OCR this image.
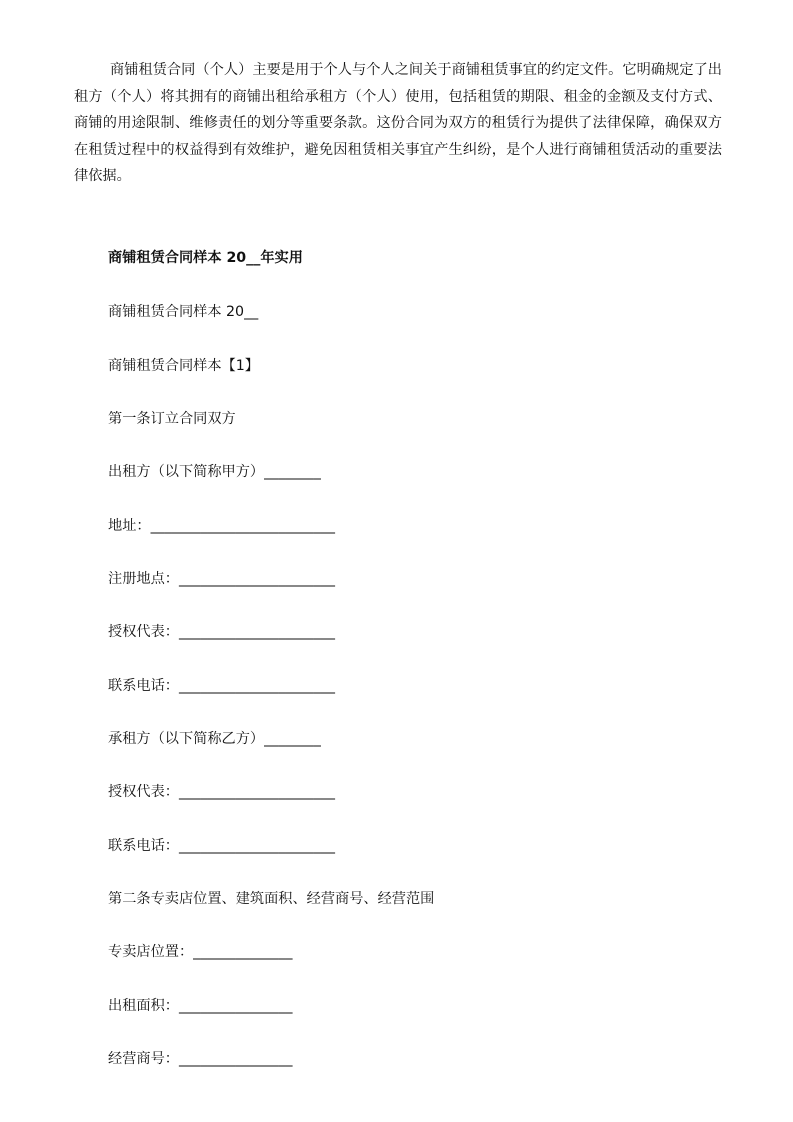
商铺租赁合同（个人）主要是用于个人与个人之间关于商铺租赁事宜的约定文件。它明确规定了出租方（个人）将其拥有的商铺出租给承租方（个人）使用，包括租赁的期限、租金的金额及支付方式、商铺的用途限制、维修责任的划分等重要条款。这份合同为双方的租赁行为提供了法律保障，确保双方在租赁过程中的权益得到有效维护，避免因租赁相关事宜产生纠纷，是个人进行商铺租赁活动的重要法律依据。

商铺租赁合同样本 20__年实用
商铺租赁合同样本 20__
商铺租赁合同样本【1】
第一条订立合同双方
出租方（以下简称甲方）________
地址：__________________________
注册地点：______________________
授权代表：______________________
联系电话：______________________
承租方（以下简称乙方）________
授权代表：______________________
联系电话：______________________
第二条专卖店位置、建筑面积、经营商号、经营范围
专卖店位置：______________
出租面积：________________
经营商号：________________
